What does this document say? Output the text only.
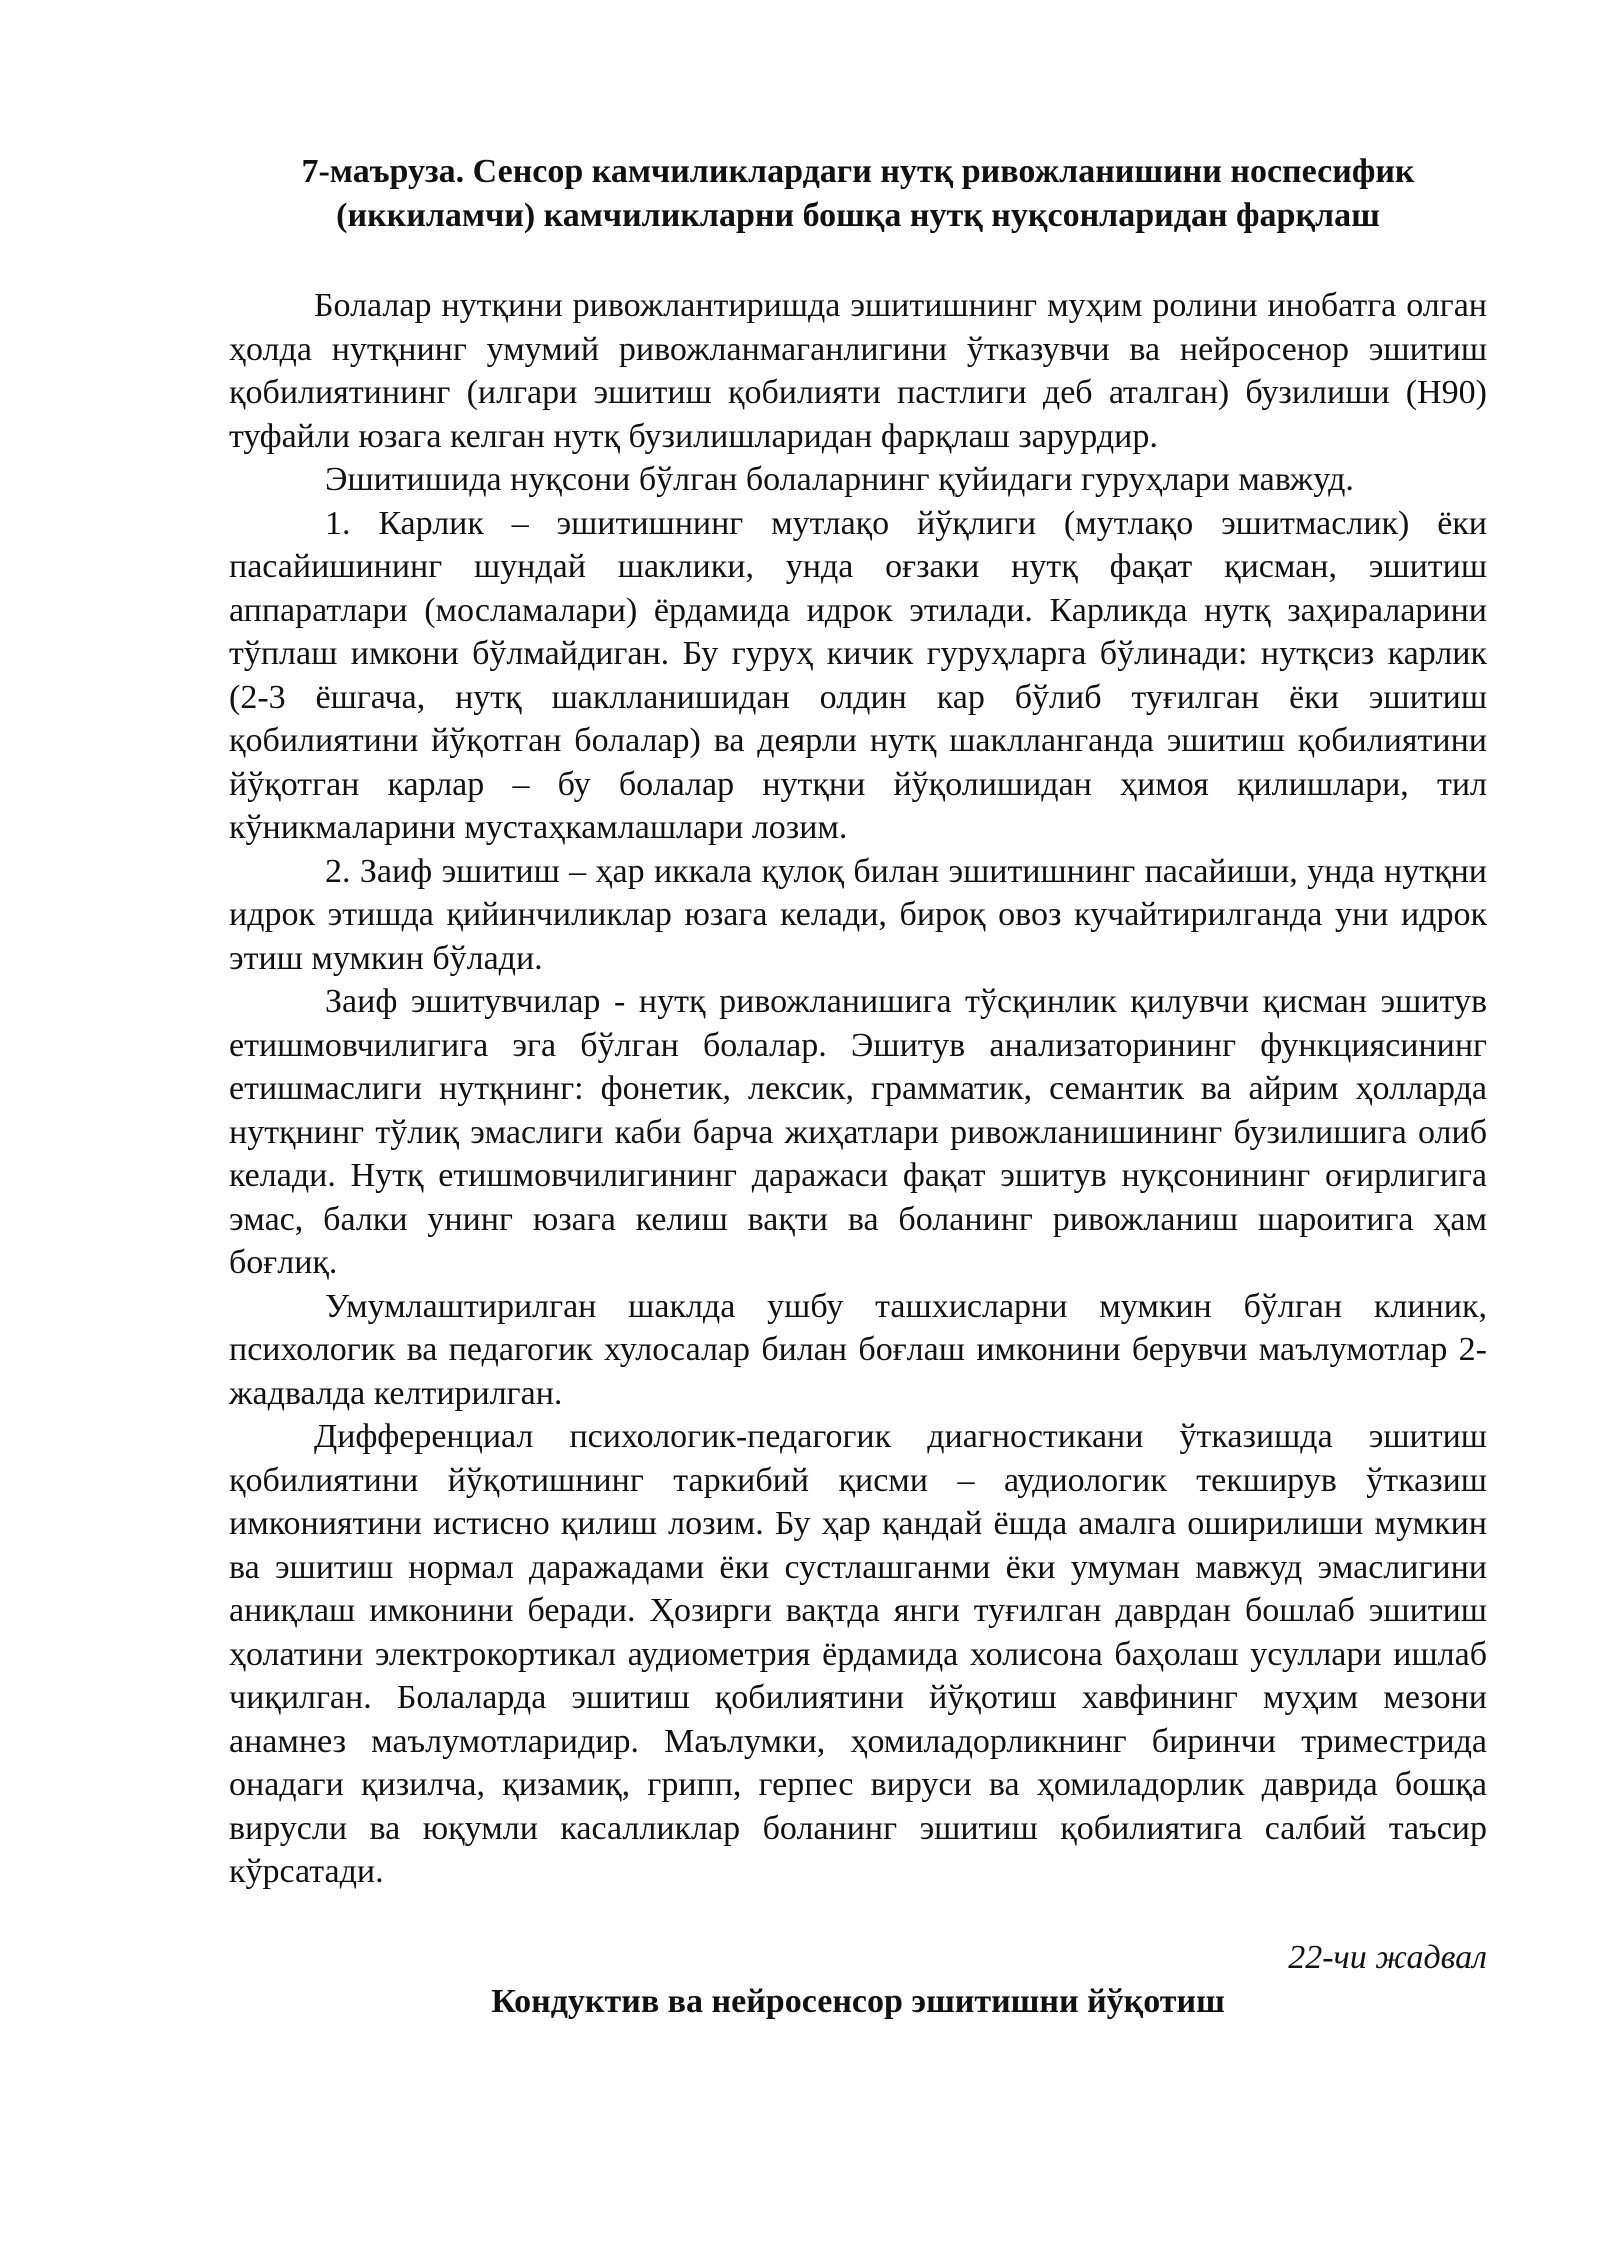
7-маъруза. Сенсор камчиликлардаги нутқ ривожланишини носпесифик
(иккиламчи) камчиликларни бошқа нутқ нуқсонларидан фарқлаш

Болалар нутқини ривожлантиришда эшитишнинг муҳим ролини инобатга олган ҳолда нутқнинг умумий ривожланмаганлигини ўтказувчи ва нейросенор эшитиш қобилиятининг (илгари эшитиш қобилияти пастлиги деб аталган) бузилиши (H90) туфайли юзага келган нутқ бузилишларидан фарқлаш зарурдир.

Эшитишида нуқсони бўлган болаларнинг қуйидаги гуруҳлари мавжуд.

1. Карлик – эшитишнинг мутлақо йўқлиги (мутлақо эшитмаслик) ёки пасайишининг шундай шаклики, унда оғзаки нутқ фақат қисман, эшитиш аппаратлари (мосламалари) ёрдамида идрок этилади. Карликда нутқ заҳираларини тўплаш имкони бўлмайдиган. Бу гуруҳ кичик гуруҳларга бўлинади: нутқсиз карлик (2-3 ёшгача, нутқ шаклланишидан олдин кар бўлиб туғилган ёки эшитиш қобилиятини йўқотган болалар) ва деярли нутқ шаклланганда эшитиш қобилиятини йўқотган карлар – бу болалар нутқни йўқолишидан ҳимоя қилишлари, тил кўникмаларини мустаҳкамлашлари лозим.

2. Заиф эшитиш – ҳар иккала қулоқ билан эшитишнинг пасайиши, унда нутқни идрок этишда қийинчиликлар юзага келади, бироқ овоз кучайтирилганда уни идрок этиш мумкин бўлади.

Заиф эшитувчилар - нутқ ривожланишига тўсқинлик қилувчи қисман эшитув етишмовчилигига эга бўлган болалар. Эшитув анализаторининг функциясининг етишмаслиги нутқнинг: фонетик, лексик, грамматик, семантик ва айрим ҳолларда нутқнинг тўлиқ эмаслиги каби барча жиҳатлари ривожланишининг бузилишига олиб келади. Нутқ етишмовчилигининг даражаси фақат эшитув нуқсонининг оғирлигига эмас, балки унинг юзага келиш вақти ва боланинг ривожланиш шароитига ҳам боғлиқ.

Умумлаштирилган шаклда ушбу ташхисларни мумкин бўлган клиник, психологик ва педагогик хулосалар билан боғлаш имконини берувчи маълумотлар 2-жадвалда келтирилган.

Дифференциал психологик-педагогик диагностикани ўтказишда эшитиш қобилиятини йўқотишнинг таркибий қисми – аудиологик текширув ўтказиш имкониятини истисно қилиш лозим. Бу ҳар қандай ёшда амалга оширилиши мумкин ва эшитиш нормал даражадами ёки сустлашганми ёки умуман мавжуд эмаслигини аниқлаш имконини беради. Ҳозирги вақтда янги туғилган даврдан бошлаб эшитиш ҳолатини электрокортикал аудиометрия ёрдамида холисона баҳолаш усуллари ишлаб чиқилган. Болаларда эшитиш қобилиятини йўқотиш хавфининг муҳим мезони анамнез маълумотларидир. Маълумки, ҳомиладорликнинг биринчи триместрида онадаги қизилча, қизамиқ, грипп, герпес вируси ва ҳомиладорлик даврида бошқа вирусли ва юқумли касалликлар боланинг эшитиш қобилиятига салбий таъсир кўрсатади.

22-чи жадвал

Кондуктив ва нейросенсор эшитишни йўқотиш
